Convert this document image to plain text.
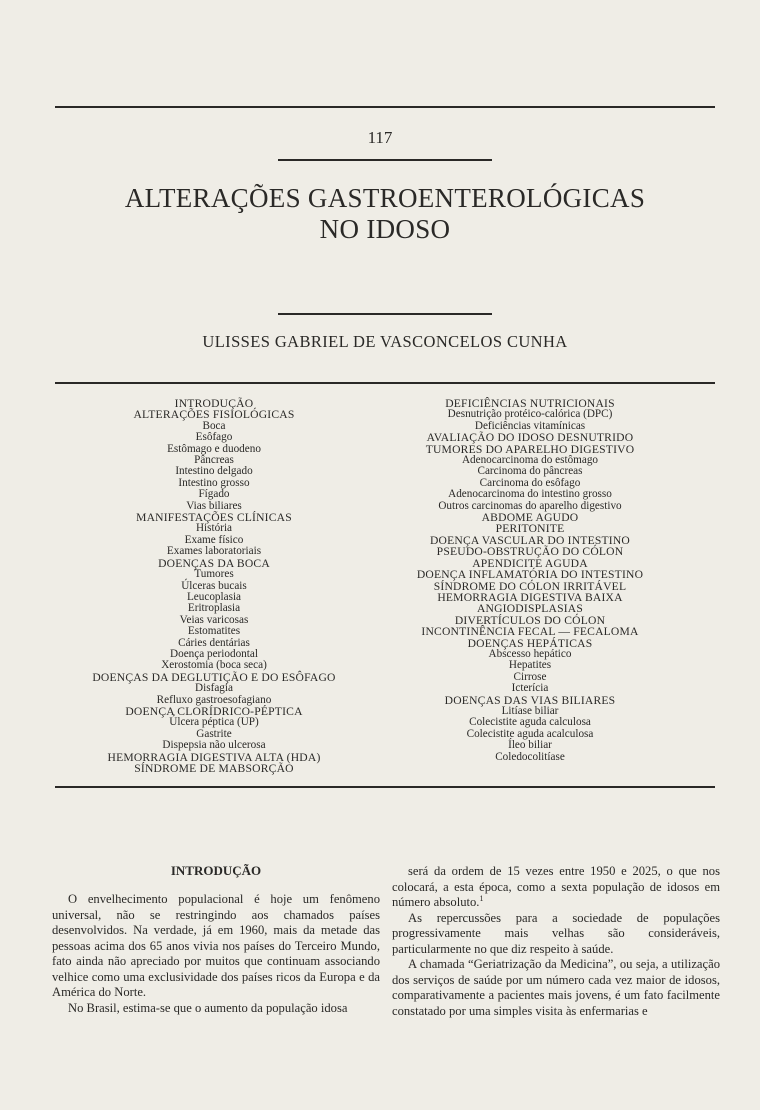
117
ALTERAÇÕES GASTROENTEROLÓGICAS
NO IDOSO
ULISSES GABRIEL DE VASCONCELOS CUNHA
INTRODUÇÃO
ALTERAÇÕES FISIOLÓGICAS
Boca
Esôfago
Estômago e duodeno
Pâncreas
Intestino delgado
Intestino grosso
Fígado
Vias biliares
MANIFESTAÇÕES CLÍNICAS
História
Exame físico
Exames laboratoriais
DOENÇAS DA BOCA
Tumores
Úlceras bucais
Leucoplasia
Eritroplasia
Veias varicosas
Estomatites
Cáries dentárias
Doença periodontal
Xerostomia (boca seca)
DOENÇAS DA DEGLUTIÇÃO E DO ESÔFAGO
Disfagia
Refluxo gastroesofagiano
DOENÇA CLORÍDRICO-PÉPTICA
Úlcera péptica (UP)
Gastrite
Dispepsia não ulcerosa
HEMORRAGIA DIGESTIVA ALTA (HDA)
SÍNDROME DE MABSORÇÃO
DEFICIÊNCIAS NUTRICIONAIS
Desnutrição protéico-calórica (DPC)
Deficiências vitamínicas
AVALIAÇÃO DO IDOSO DESNUTRIDO
TUMORES DO APARELHO DIGESTIVO
Adenocarcinoma do estômago
Carcinoma do pâncreas
Carcinoma do esôfago
Adenocarcinoma do intestino grosso
Outros carcinomas do aparelho digestivo
ABDOME AGUDO
PERITONITE
DOENÇA VASCULAR DO INTESTINO
PSEUDO-OBSTRUÇÃO DO CÓLON
APENDICITE AGUDA
DOENÇA INFLAMATÓRIA DO INTESTINO
SÍNDROME DO CÓLON IRRITÁVEL
HEMORRAGIA DIGESTIVA BAIXA
ANGIODISPLASIAS
DIVERTÍCULOS DO CÓLON
INCONTINÊNCIA FECAL — FECALOMA
DOENÇAS HEPÁTICAS
Abscesso hepático
Hepatites
Cirrose
Icterícia
DOENÇAS DAS VIAS BILIARES
Litíase biliar
Colecistite aguda calculosa
Colecistite aguda acalculosa
Íleo biliar
Coledocolitíase
INTRODUÇÃO

O envelhecimento populacional é hoje um fenômeno universal, não se restringindo aos chamados países desenvolvidos. Na verdade, já em 1960, mais da metade das pessoas acima dos 65 anos vivia nos países do Terceiro Mundo, fato ainda não apreciado por muitos que continuam associando velhice como uma exclusividade dos países ricos da Europa e da América do Norte.

No Brasil, estima-se que o aumento da população idosa

será da ordem de 15 vezes entre 1950 e 2025, o que nos colocará, a esta época, como a sexta população de idosos em número absoluto.$^1$

As repercussões para a sociedade de populações progressivamente mais velhas são consideráveis, particularmente no que diz respeito à saúde.

A chamada “Geriatrização da Medicina”, ou seja, a utilização dos serviços de saúde por um número cada vez maior de idosos, comparativamente a pacientes mais jovens, é um fato facilmente constatado por uma simples visita às enfermarias e
